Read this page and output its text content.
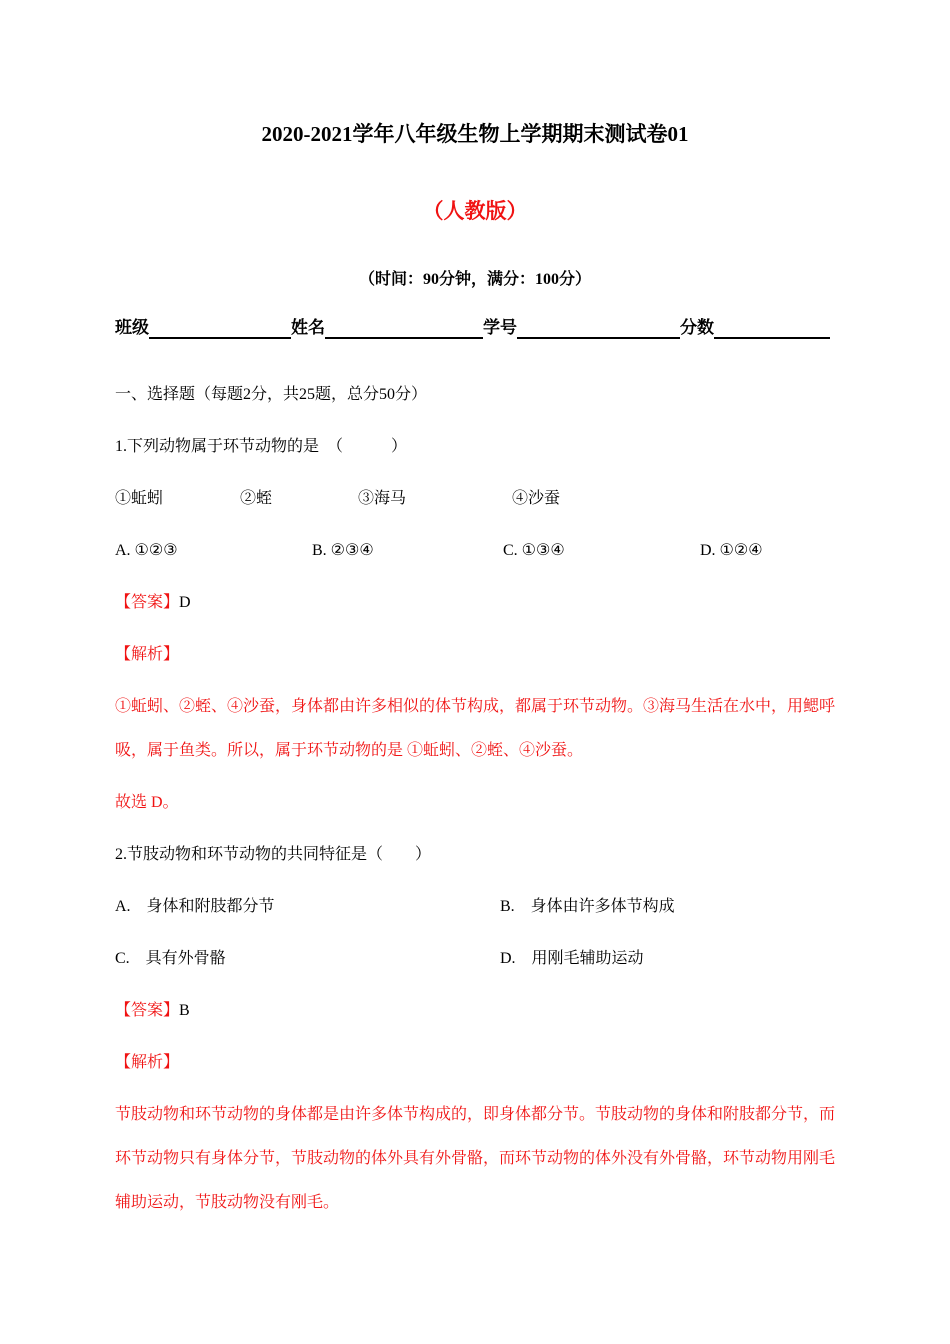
2020-2021学年八年级生物上学期期末测试卷01
（人教版）
（时间：90分钟，满分：100分）
班级	姓名	学号	分数
一、选择题（每题2分，共25题，总分50分）
1.下列动物属于环节动物的是　（　　　）
①蚯蚓	②蛭	③海马	④沙蚕
A. ①②③	B. ②③④	C. ①③④	D. ①②④
【答案】D
【解析】
①蚯蚓、②蛭、④沙蚕，身体都由许多相似的体节构成，都属于环节动物。③海马生活在水中，用鳃呼吸，属于鱼类。所以，属于环节动物的是 ①蚯蚓、②蛭、④沙蚕。
故选 D。
2.节肢动物和环节动物的共同特征是（　　）
A.　身体和附肢都分节	B.　身体由许多体节构成
C.　具有外骨骼	D.　用刚毛辅助运动
【答案】B
【解析】
节肢动物和环节动物的身体都是由许多体节构成的，即身体都分节。节肢动物的身体和附肢都分节，而环节动物只有身体分节，节肢动物的体外具有外骨骼，而环节动物的体外没有外骨骼，环节动物用刚毛辅助运动，节肢动物没有刚毛。
